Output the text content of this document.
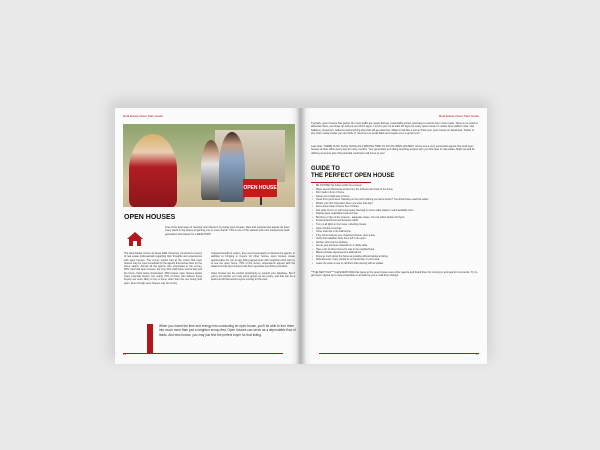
Real Estate Client Start Guide
OPEN HOUSE
OPEN HOUSES
One of the best ways of meeting new clients is by doing open houses. New and experienced agents do them every week in the hopes of gaining one or more clients. This is one of the easiest and most inexpensive lead generation techniques for a REALTOR®.
The Real Estate Center at Texas A&M University conducted a survey of real estate professionals regarding their thoughts and experiences with open houses. The survey results had at the notion that open houses may be more beneficial for the agents themselves than for the home sellers. Almost all the agents who responded to the survey, 93%, had held open houses, but only 41% said these events help sell the home, that's being showcased. 38% believe open houses attract many potential buyers, but nearly 70% of those who believe these buyers are more likely to buy a home other than the one being held open. Even though open houses may be of only
marginal benefit for sellers, they aren't necessarily a total loss for agents. In addition to bringing in buyers for other homes, open houses create opportunities for you to sign listing agreements with neighbors who stop by to see the open home. 75% of the survey respondents agreed with the statement that open houses help them generate new listing contracts.

Open houses are the perfect opportunity to expand your database. But if you're not careful, you may come across as too pushy, and that can be a quick turnoff that sends buyers running for the door.
When you invest the time and energy into conducting an open house, you'll be able to turn them into much more than just a neighbor snoop-fest. Open houses can serve as a dependable flow of leads. And who knows, you may just find the perfect buyer for that listing.
16
Real Estate Client Start Guide
Typically, open houses that garner the most traffic are newer listings, reasonably priced, and easy to access from main roads. There is no need to advertise them, just show up and put out 10-15 signs. I tend to put out at least 20 signs for every open house no matter how visible it was. Use balloons, streamers, balloons and anything else that will get attention. Make it look like a circus! Post your open house on Facebook, Twitter or any other social media you can think of. Send out an email blast and maybe even a group text!
Last Note: THERE IS NO SUCH THING AS A WRONG TIME TO DO AN OPEN HOUSE!!! I know some very successful agents that hold open houses at their office every day for many months. Your generosity and doing anything anyone who you first start in real estate. Might as well be utilizing someone else that potential customers will come to you!
GUIDE TO
THE PERFECT OPEN HOUSE
• BE ON TIME! No matter what! No excuses!
• Place several directional arrows from the furthest point back to the home.
• Don't park in front of home.
• Delete out of walk-way to home.
• Clean front porch area. Standing on the porch wishing you had a broom? You should have read this earlier.
• What's your first impression when you enter that day?
• Demo area inside of home free of clutter.
• Ask seller to turn on soft music (easy listening) on some radio station in each available room.
• Display guest registration book and pen.
• Brochure or flyer of the property - adequate copies. You can utilize binders for flyers.
• Personal brochures and business cards.
• Turn on all lights in the house, including closets.
• Open window coverings.
• Close toilet lids in the bathrooms.
• If the home features very organized closets, open a few.
• Verify that valuables have been left in the open.
• Kitchen sink must be spotless.
• Set up your business materials on a visible table.
• Have a list of other homes for sale in the neighborhood.
• Blank purchase agreements & addendums.
• Know as much about the home as possible without looking at listing.
• Refreshments, if any, should be on the kitchen or entry area.
• Leave the seller a note or call them that evening with an update.
**THE NEXT DAY** Call EVERYONE that came to the open house even other agents and thank them for coming in and ask for comments. Try to get buyer signed up to view properties or at least let you e-mail them listings.
17
